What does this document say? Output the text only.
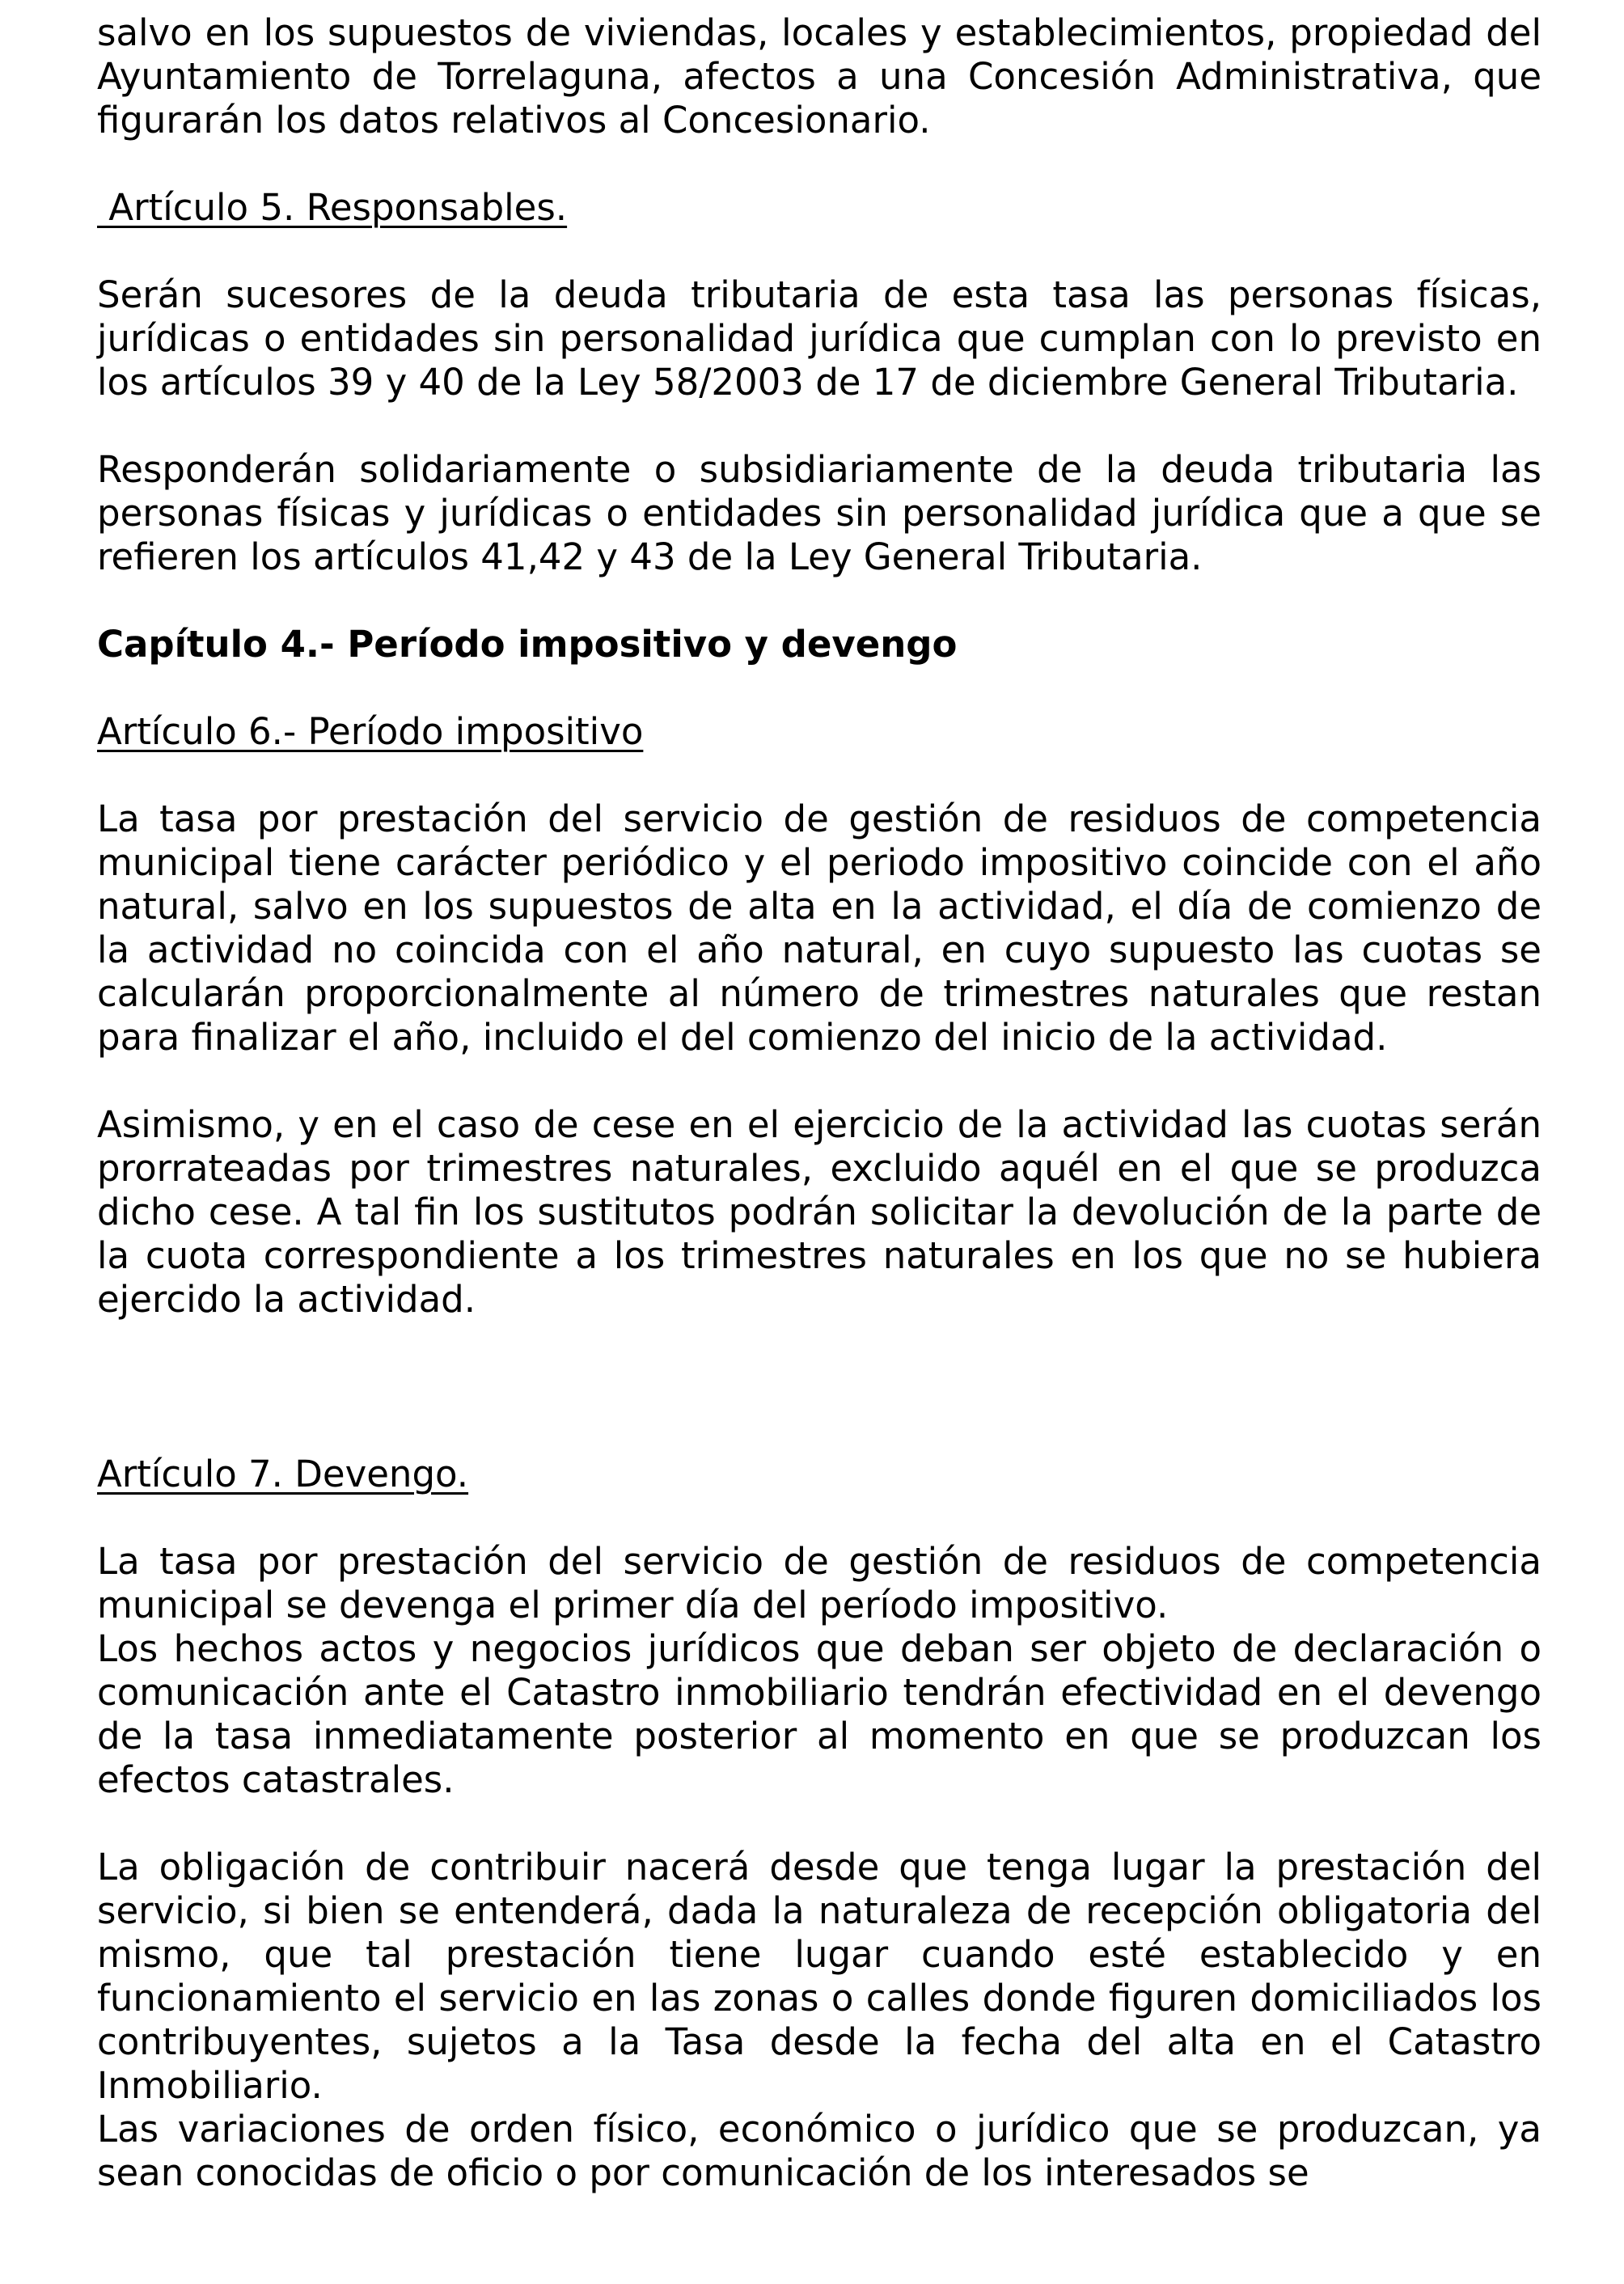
salvo en los supuestos de viviendas, locales y establecimientos, propiedad del Ayuntamiento de Torrelaguna, afectos a una Concesión Administrativa, que figurarán los datos relativos al Concesionario.

Artículo 5. Responsables.

Serán sucesores de la deuda tributaria de esta tasa las personas físicas, jurídicas o entidades sin personalidad jurídica que cumplan con lo previsto en los artículos 39 y 40 de la Ley 58/2003 de 17 de diciembre General Tributaria.

Responderán solidariamente o subsidiariamente de la deuda tributaria las personas físicas y jurídicas o entidades sin personalidad jurídica que a que se refieren los artículos 41,42 y 43 de la Ley General Tributaria.

Capítulo 4.- Período impositivo y devengo

Artículo 6.- Período impositivo

La tasa por prestación del servicio de gestión de residuos de competencia municipal tiene carácter periódico y el periodo impositivo coincide con el año natural, salvo en los supuestos de alta en la actividad, el día de comienzo de la actividad no coincida con el año natural, en cuyo supuesto las cuotas se calcularán proporcionalmente al número de trimestres naturales que restan para finalizar el año, incluido el del comienzo del inicio de la actividad.

Asimismo, y en el caso de cese en el ejercicio de la actividad las cuotas serán prorrateadas por trimestres naturales, excluido aquél en el que se produzca dicho cese. A tal fin los sustitutos podrán solicitar la devolución de la parte de la cuota correspondiente a los trimestres naturales en los que no se hubiera ejercido la actividad.

Artículo 7. Devengo.

La tasa por prestación del servicio de gestión de residuos de competencia municipal se devenga el primer día del período impositivo.

Los hechos actos y negocios jurídicos que deban ser objeto de declaración o comunicación ante el Catastro inmobiliario tendrán efectividad en el devengo de la tasa inmediatamente posterior al momento en que se produzcan los efectos catastrales.

La obligación de contribuir nacerá desde que tenga lugar la prestación del servicio, si bien se entenderá, dada la naturaleza de recepción obligatoria del mismo, que tal prestación tiene lugar cuando esté establecido y en funcionamiento el servicio en las zonas o calles donde figuren domiciliados los contribuyentes, sujetos a la Tasa desde la fecha del alta en el Catastro Inmobiliario.

Las variaciones de orden físico, económico o jurídico que se produzcan, ya sean conocidas de oficio o por comunicación de los interesados se
